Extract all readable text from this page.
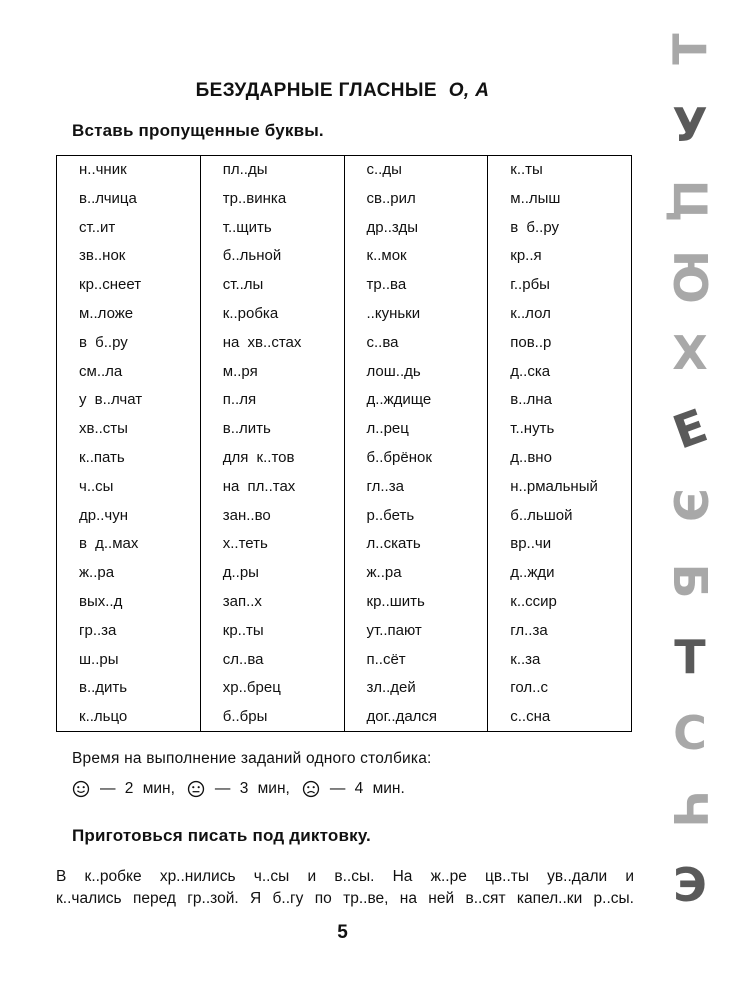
БЕЗУДАРНЫЕ ГЛАСНЫЕ О, А
Вставь пропущенные буквы.
н..чник
в..лчица
ст..ит
зв..нок
кр..снеет
м..ложе
в б..ру
см..ла
у в..лчат
хв..сты
к..пать
ч..сы
др..чун
в д..мах
ж..ра
вых..д
гр..за
ш..ры
в..дить
к..льцо
пл..ды
тр..винка
т..щить
б..льной
ст..лы
к..робка
на хв..стах
м..ря
п..ля
в..лить
для к..тов
на пл..тах
зан..во
х..теть
д..ры
зап..х
кр..ты
сл..ва
хр..брец
б..бры
с..ды
св..рил
др..зды
к..мок
тр..ва
..куньки
с..ва
лош..дь
д..ждище
л..рец
б..брёнок
гл..за
р..беть
л..скать
ж..ра
кр..шить
ут..пают
п..сёт
зл..дей
дог..дался
к..ты
м..лыш
в б..ру
кр..я
г..рбы
к..лол
пов..р
д..ска
в..лна
т..нуть
д..вно
н..рмальный
б..льшой
вр..чи
д..жди
к..ссир
гл..за
к..за
гол..с
с..сна
Время на выполнение заданий одного столбика:
— 2 мин,	— 3 мин,	— 4 мин.
Приготовься писать под диктовку.
В к..робке хр..нились ч..сы и в..сы. На ж..ре цв..ты ув..дали и
к..чались перед гр..зой. Я б..гу по тр..ве, на ней в..сят капел..ки р..сы.
5
Т
У
Ц
Ю
Х
Е
Э
Б
Т
С
Ч
Э
